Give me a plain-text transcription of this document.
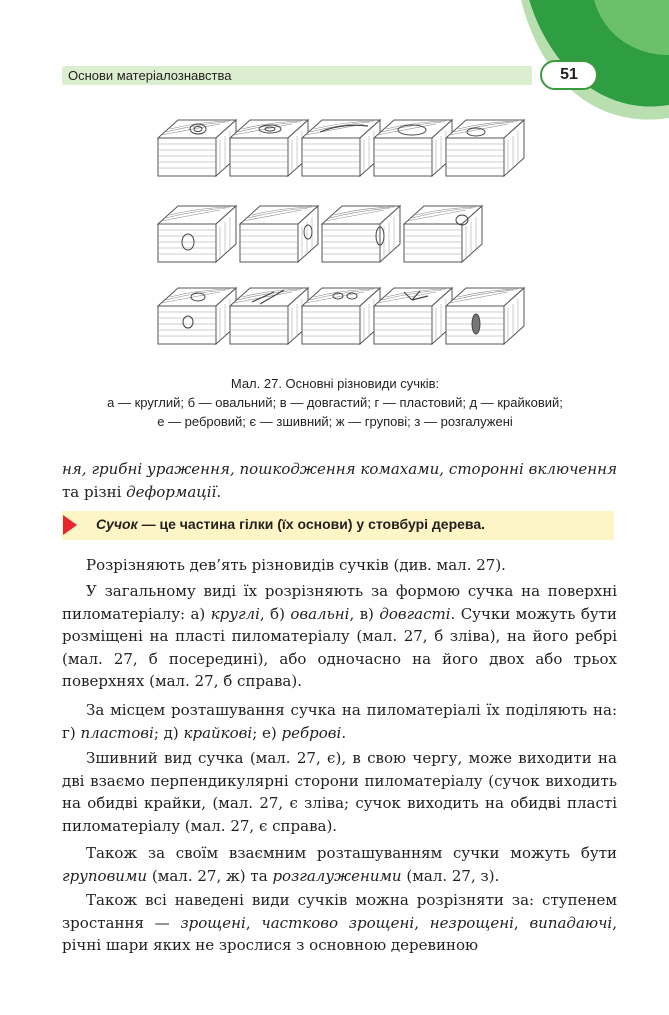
Основи матеріалознавства	51
Мал. 27. Основні різновиди сучків:
а — круглий; б — овальний; в — довгастий; г — пластовий; д — крайковий;
е — ребровий; є — зшивний; ж — групові; з — розгалужені

ня, грибні ураження, пошкодження комахами, сторонні включення та різні деформації.

Сучок — це частина гілки (їх основи) у стовбурі дерева.

Розрізняють дев’ять різновидів сучків (див. мал. 27).

У загальному виді їх розрізняють за формою сучка на поверхні пиломатеріалу: а) круглі, б) овальні, в) довгасті. Сучки можуть бути розміщені на пласті пиломатеріалу (мал. 27, б зліва), на його ребрі (мал. 27, б посередині), або одночасно на його двох або трьох поверхнях (мал. 27, б справа).

За місцем розташування сучка на пиломатеріалі їх поділяють на: г) пластові; д) крайкові; е) реброві.

Зшивний вид сучка (мал. 27, є), в свою чергу, може виходити на дві взаємо перпендикулярні сторони пиломатеріалу (сучок виходить на обидві крайки, (мал. 27, є зліва; сучок виходить на обидві пласті пиломатеріалу (мал. 27, є справа).

Також за своїм взаємним розташуванням сучки можуть бути груповими (мал. 27, ж) та розгалуженими (мал. 27, з).

Також всі наведені види сучків можна розрізняти за: ступенем зростання — зрощені, частково зрощені, незрощені, випадаючі, річні шари яких не зрослися з основною деревиною
